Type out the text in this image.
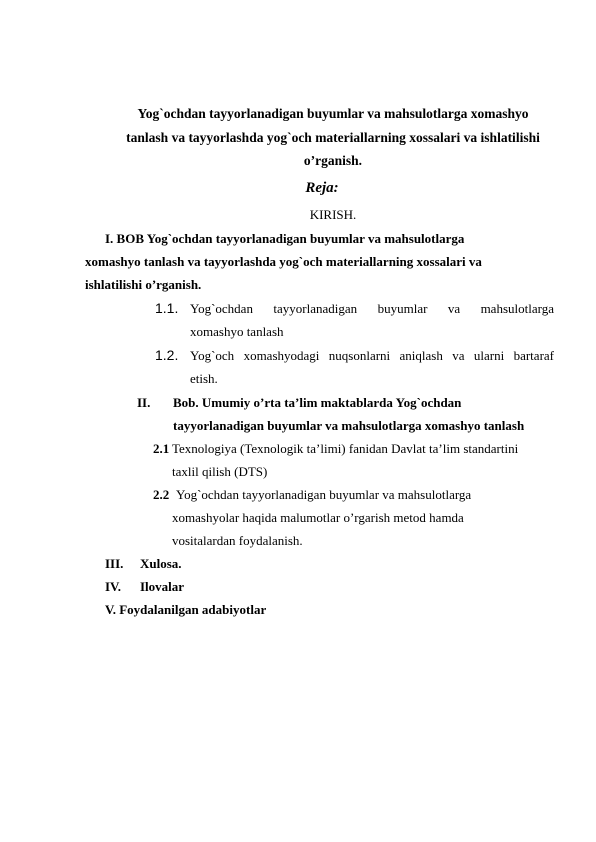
Yog`ochdan tayyorlanadigan buyumlar va mahsulotlarga xomashyo
tanlash va tayyorlashda yog`och materiallarning xossalari va ishlatilishi
o’rganish.
Reja:
KIRISH.
I. BOB Yog`ochdan tayyorlanadigan buyumlar va mahsulotlarga
xomashyo tanlash va tayyorlashda yog`och materiallarning xossalari va
ishlatilishi o’rganish.
1.1. Yog`ochdan tayyorlanadigan buyumlar va mahsulotlarga
xomashyo tanlash
1.2. Yog`och xomashyodagi nuqsonlarni aniqlash va ularni bartaraf
etish.
II. Bob. Umumiy o’rta ta’lim maktablarda Yog`ochdan
tayyorlanadigan buyumlar va mahsulotlarga xomashyo tanlash
2.1 Texnologiya (Texnologik ta’limi) fanidan Davlat ta’lim standartini
taxlil qilish (DTS)
2.2 Yog`ochdan tayyorlanadigan buyumlar va mahsulotlarga
xomashyolar haqida malumotlar o’rgarish metod hamda
vositalardan foydalanish.
III. Xulosa.
IV. Ilovalar
V. Foydalanilgan adabiyotlar
